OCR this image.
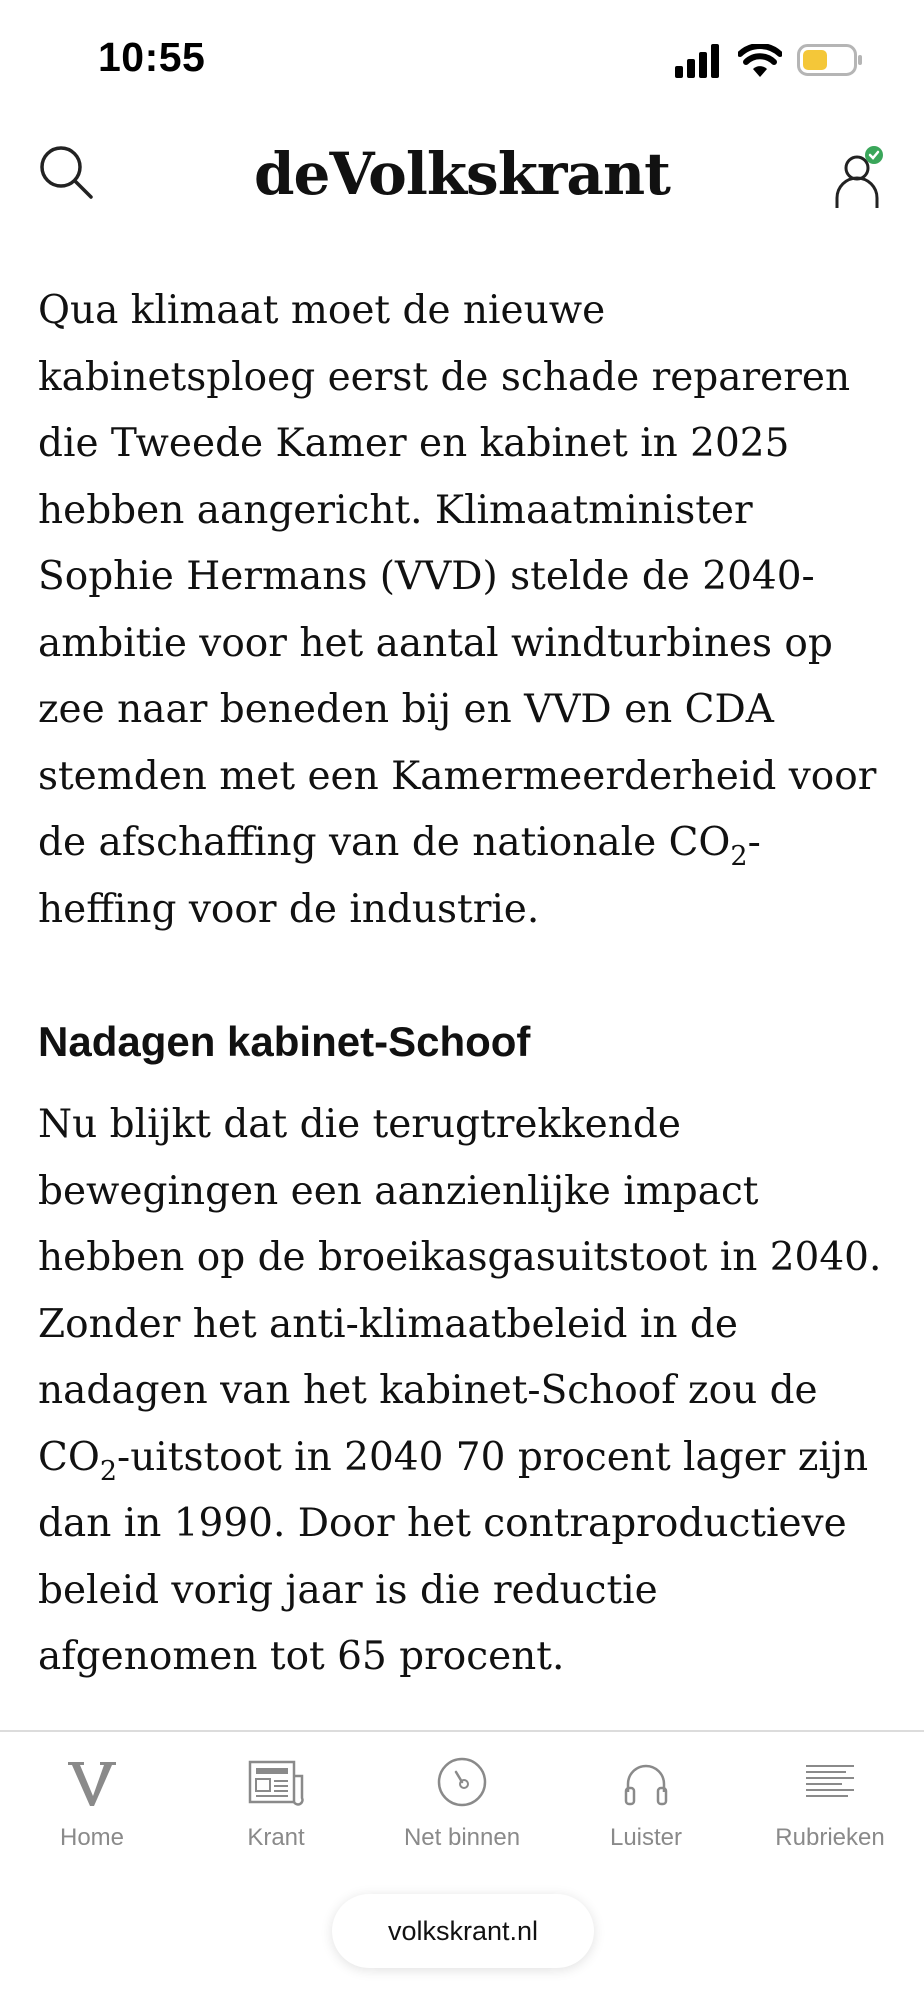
10:55
deVolkskrant

Qua klimaat moet de nieuwe kabinetsploeg eerst de schade repareren die Tweede Kamer en kabinet in 2025 hebben aangericht. Klimaatminister Sophie Hermans (VVD) stelde de 2040-ambitie voor het aantal windturbines op zee naar beneden bij en VVD en CDA stemden met een Kamermeerderheid voor de afschaffing van de nationale $CO_2$-heffing voor de industrie.

Nadagen kabinet-Schoof

Nu blijkt dat die terugtrekkende bewegingen een aanzienlijke impact hebben op de broeikasgasuitstoot in 2040. Zonder het anti-klimaatbeleid in de nadagen van het kabinet-Schoof zou de $CO_2$-uitstoot in 2040 70 procent lager zijn dan in 1990. Door het contraproductieve beleid vorig jaar is die reductie afgenomen tot 65 procent.

Home	Krant	Net binnen	Luister	Rubrieken
volkskrant.nl
